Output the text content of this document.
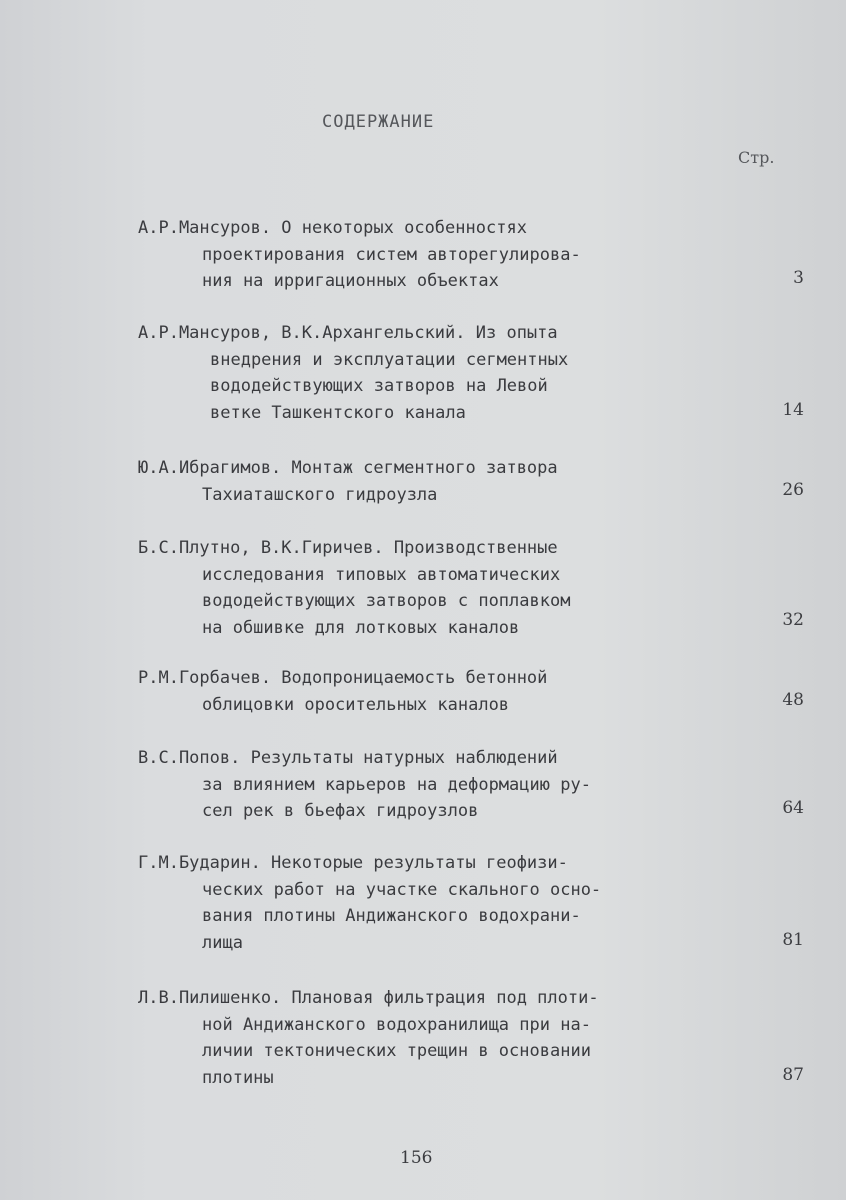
СОДЕРЖАНИЕ
Стр.
А.Р.Мансуров. О некоторых особенностях
проектирования систем авторегулирова-
ния на ирригационных объектах	3
А.Р.Мансуров, В.К.Архангельский. Из опыта
внедрения и эксплуатации сегментных
вододействующих затворов на Левой
ветке Ташкентского канала	14
Ю.А.Ибрагимов. Монтаж сегментного затвора
Тахиаташского гидроузла	26
Б.С.Плутно, В.К.Гиричев. Производственные
исследования типовых автоматических
вододействующих затворов с поплавком
на обшивке для лотковых каналов	32
Р.М.Горбачев. Водопроницаемость бетонной
облицовки оросительных каналов	48
В.С.Попов. Результаты натурных наблюдений
за влиянием карьеров на деформацию ру-
сел рек в бьефах гидроузлов	64
Г.М.Бударин. Некоторые результаты геофизи-
ческих работ на участке скального осно-
вания плотины Андижанского водохрани-
лища	81
Л.В.Пилишенко. Плановая фильтрация под плоти-
ной Андижанского водохранилища при на-
личии тектонических трещин в основании
плотины	87
156
